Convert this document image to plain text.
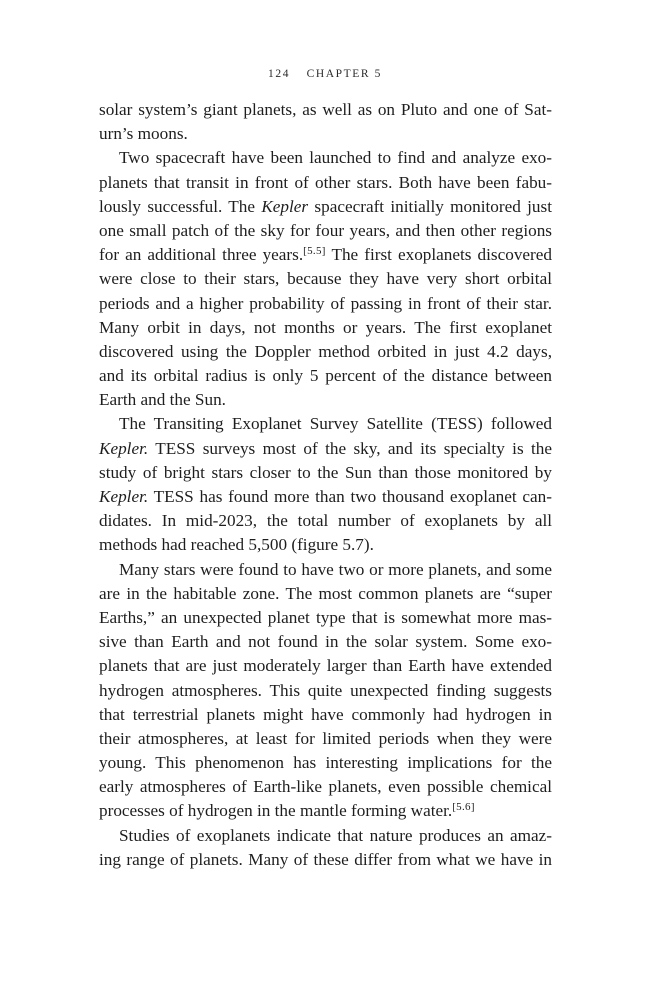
124 CHAPTER 5
solar system’s giant planets, as well as on Pluto and one of Sat-
urn’s moons.
Two spacecraft have been launched to find and analyze exo-
planets that transit in front of other stars. Both have been fabu-
lously successful. The Kepler spacecraft initially monitored just
one small patch of the sky for four years, and then other regions
for an additional three years.[5.5] The first exoplanets discovered
were close to their stars, because they have very short orbital
periods and a higher probability of passing in front of their star.
Many orbit in days, not months or years. The first exoplanet
discovered using the Doppler method orbited in just 4.2 days,
and its orbital radius is only 5 percent of the distance between
Earth and the Sun.
The Transiting Exoplanet Survey Satellite (TESS) followed
Kepler. TESS surveys most of the sky, and its specialty is the
study of bright stars closer to the Sun than those monitored by
Kepler. TESS has found more than two thousand exoplanet can-
didates. In mid-2023, the total number of exoplanets by all
methods had reached 5,500 (figure 5.7).
Many stars were found to have two or more planets, and some
are in the habitable zone. The most common planets are “super
Earths,” an unexpected planet type that is somewhat more mas-
sive than Earth and not found in the solar system. Some exo-
planets that are just moderately larger than Earth have extended
hydrogen atmospheres. This quite unexpected finding suggests
that terrestrial planets might have commonly had hydrogen in
their atmospheres, at least for limited periods when they were
young. This phenomenon has interesting implications for the
early atmospheres of Earth-like planets, even possible chemical
processes of hydrogen in the mantle forming water.[5.6]
Studies of exoplanets indicate that nature produces an amaz-
ing range of planets. Many of these differ from what we have in
